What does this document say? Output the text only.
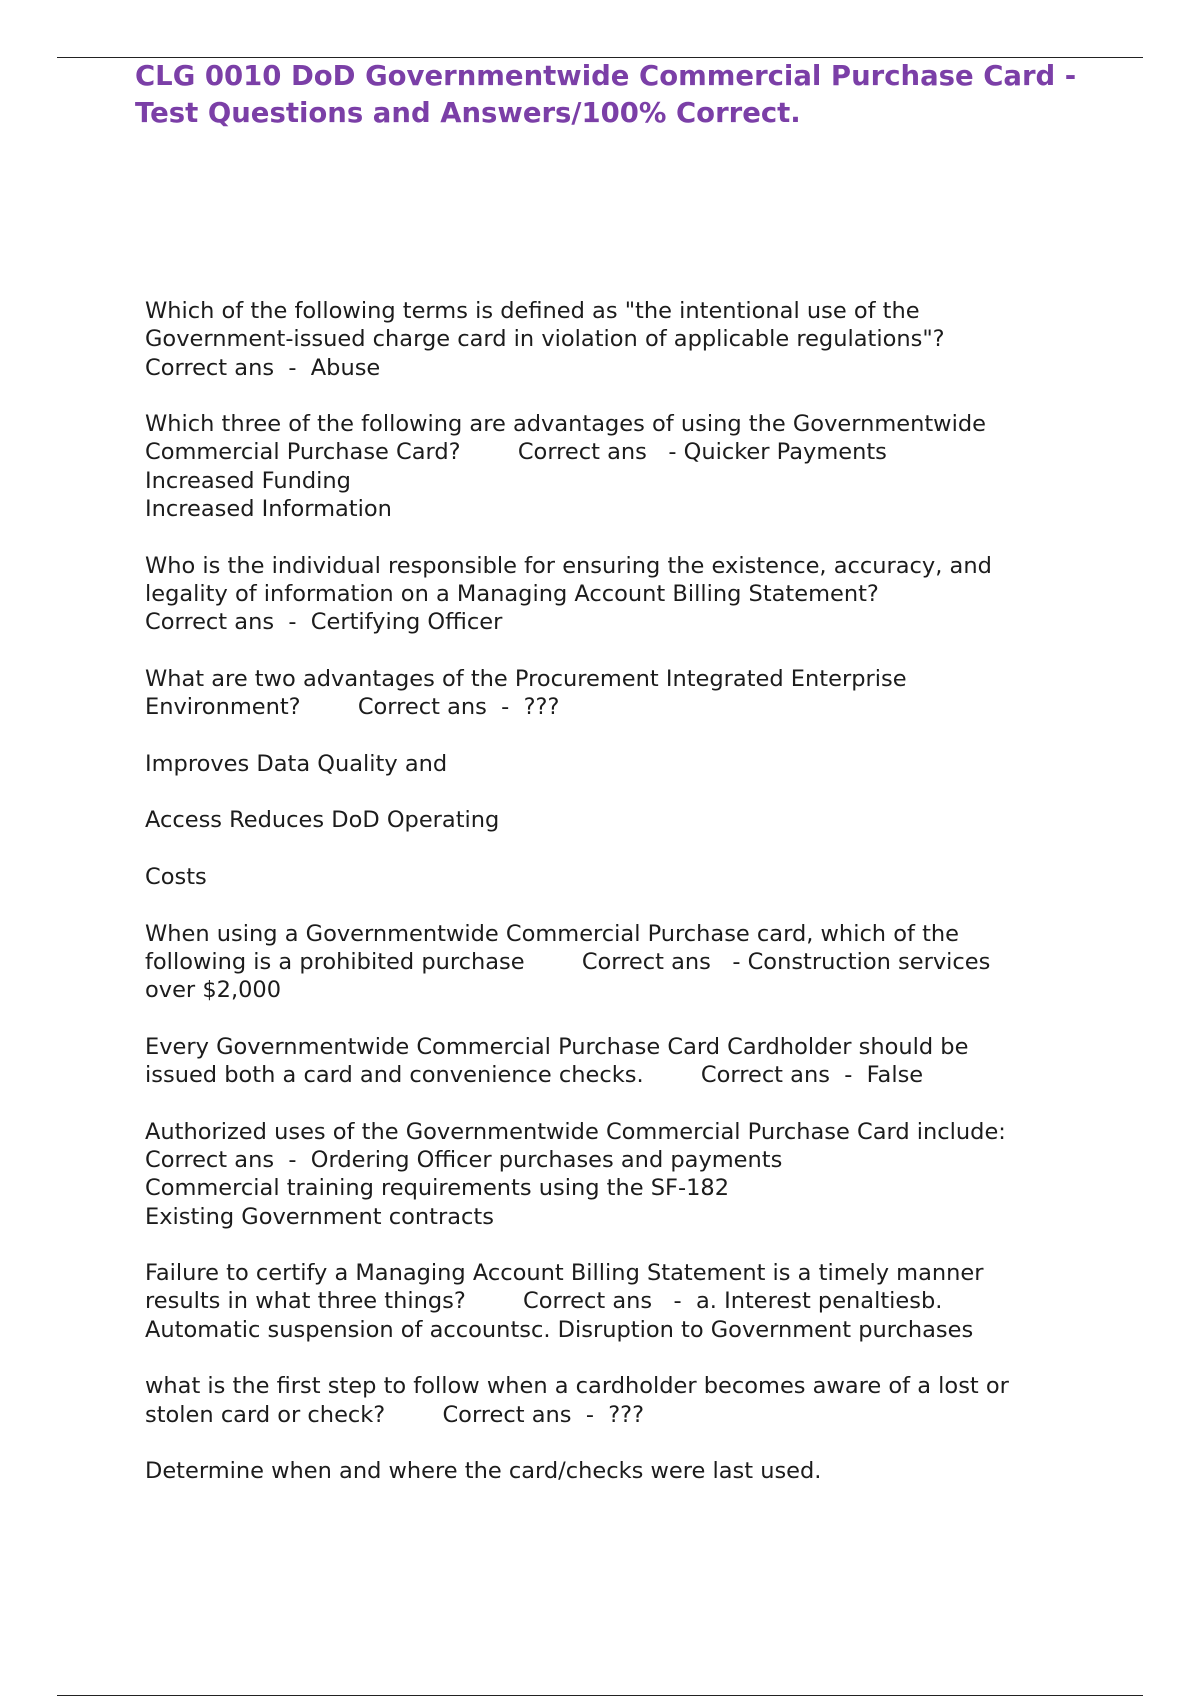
CLG 0010 DoD Governmentwide Commercial Purchase Card -
Test Questions and Answers/100% Correct.
Which of the following terms is defined as "the intentional use of the
Government-issued charge card in violation of applicable regulations"?
Correct ans  -  Abuse
Which three of the following are advantages of using the Governmentwide
Commercial Purchase Card?        Correct ans   - Quicker Payments
Increased Funding
Increased Information
Who is the individual responsible for ensuring the existence, accuracy, and
legality of information on a Managing Account Billing Statement?
Correct ans  -  Certifying Officer
What are two advantages of the Procurement Integrated Enterprise
Environment?        Correct ans  -  ???
Improves Data Quality and
Access Reduces DoD Operating
Costs
When using a Governmentwide Commercial Purchase card, which of the
following is a prohibited purchase        Correct ans   - Construction services
over $2,000
Every Governmentwide Commercial Purchase Card Cardholder should be
issued both a card and convenience checks.        Correct ans  -  False
Authorized uses of the Governmentwide Commercial Purchase Card include:
Correct ans  -  Ordering Officer purchases and payments
Commercial training requirements using the SF-182
Existing Government contracts
Failure to certify a Managing Account Billing Statement is a timely manner
results in what three things?        Correct ans   -  a. Interest penaltiesb.
Automatic suspension of accountsc. Disruption to Government purchases
what is the first step to follow when a cardholder becomes aware of a lost or
stolen card or check?        Correct ans  -  ???
Determine when and where the card/checks were last used.
